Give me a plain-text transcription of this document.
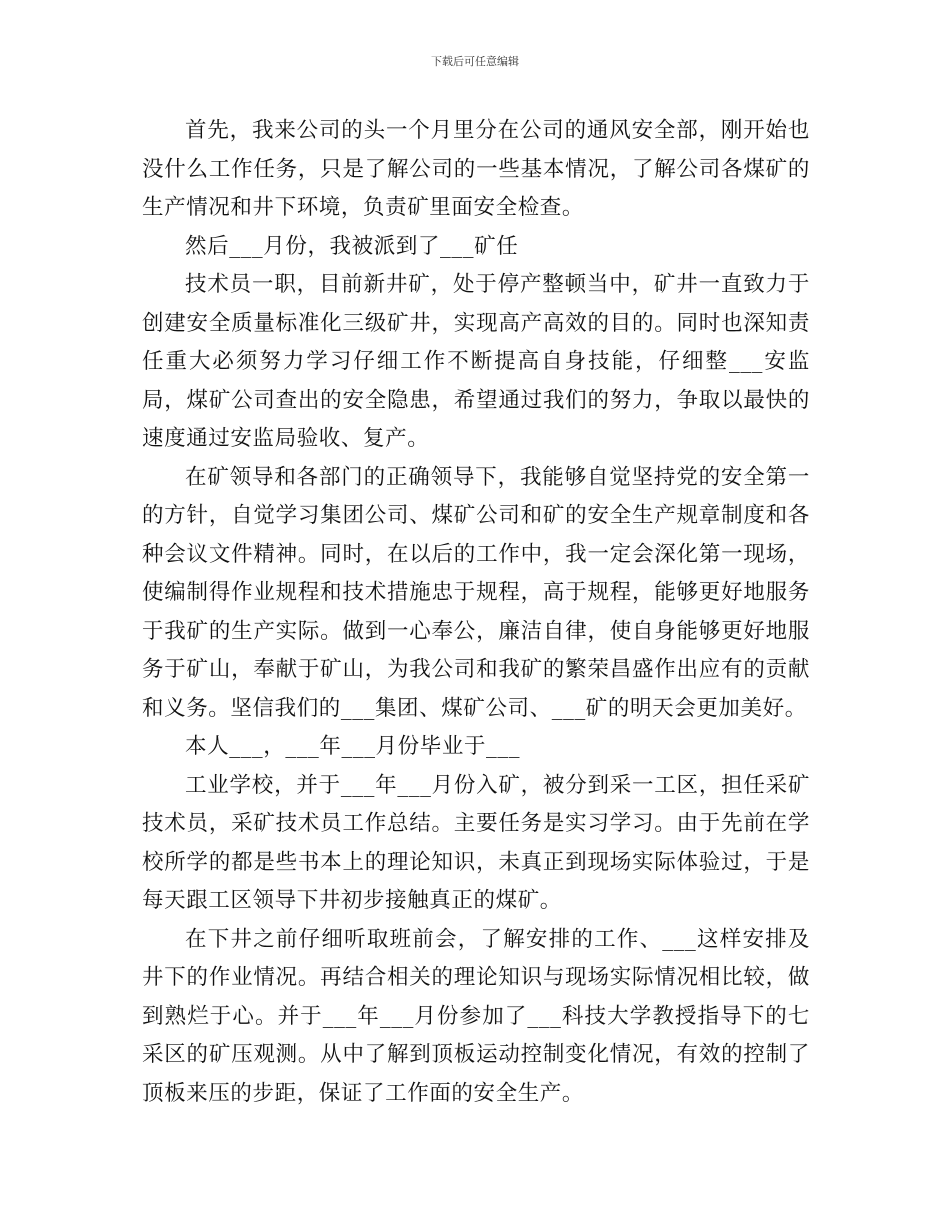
下载后可任意编辑

首先，我来公司的头一个月里分在公司的通风安全部，刚开始也没什么工作任务，只是了解公司的一些基本情况，了解公司各煤矿的生产情况和井下环境，负责矿里面安全检查。

然后___月份，我被派到了___矿任

技术员一职，目前新井矿，处于停产整顿当中，矿井一直致力于创建安全质量标准化三级矿井，实现高产高效的目的。同时也深知责任重大必须努力学习仔细工作不断提高自身技能，仔细整___安监局，煤矿公司查出的安全隐患，希望通过我们的努力，争取以最快的速度通过安监局验收、复产。

在矿领导和各部门的正确领导下，我能够自觉坚持党的安全第一的方针，自觉学习集团公司、煤矿公司和矿的安全生产规章制度和各种会议文件精神。同时，在以后的工作中，我一定会深化第一现场，使编制得作业规程和技术措施忠于规程，高于规程，能够更好地服务于我矿的生产实际。做到一心奉公，廉洁自律，使自身能够更好地服务于矿山，奉献于矿山，为我公司和我矿的繁荣昌盛作出应有的贡献和义务。坚信我们的___集团、煤矿公司、___矿的明天会更加美好。

本人___，___年___月份毕业于___

工业学校，并于___年___月份入矿，被分到采一工区，担任采矿技术员，采矿技术员工作总结。主要任务是实习学习。由于先前在学校所学的都是些书本上的理论知识，未真正到现场实际体验过，于是每天跟工区领导下井初步接触真正的煤矿。

在下井之前仔细听取班前会，了解安排的工作、___这样安排及井下的作业情况。再结合相关的理论知识与现场实际情况相比较，做到熟烂于心。并于___年___月份参加了___科技大学教授指导下的七采区的矿压观测。从中了解到顶板运动控制变化情况，有效的控制了顶板来压的步距，保证了工作面的安全生产。
